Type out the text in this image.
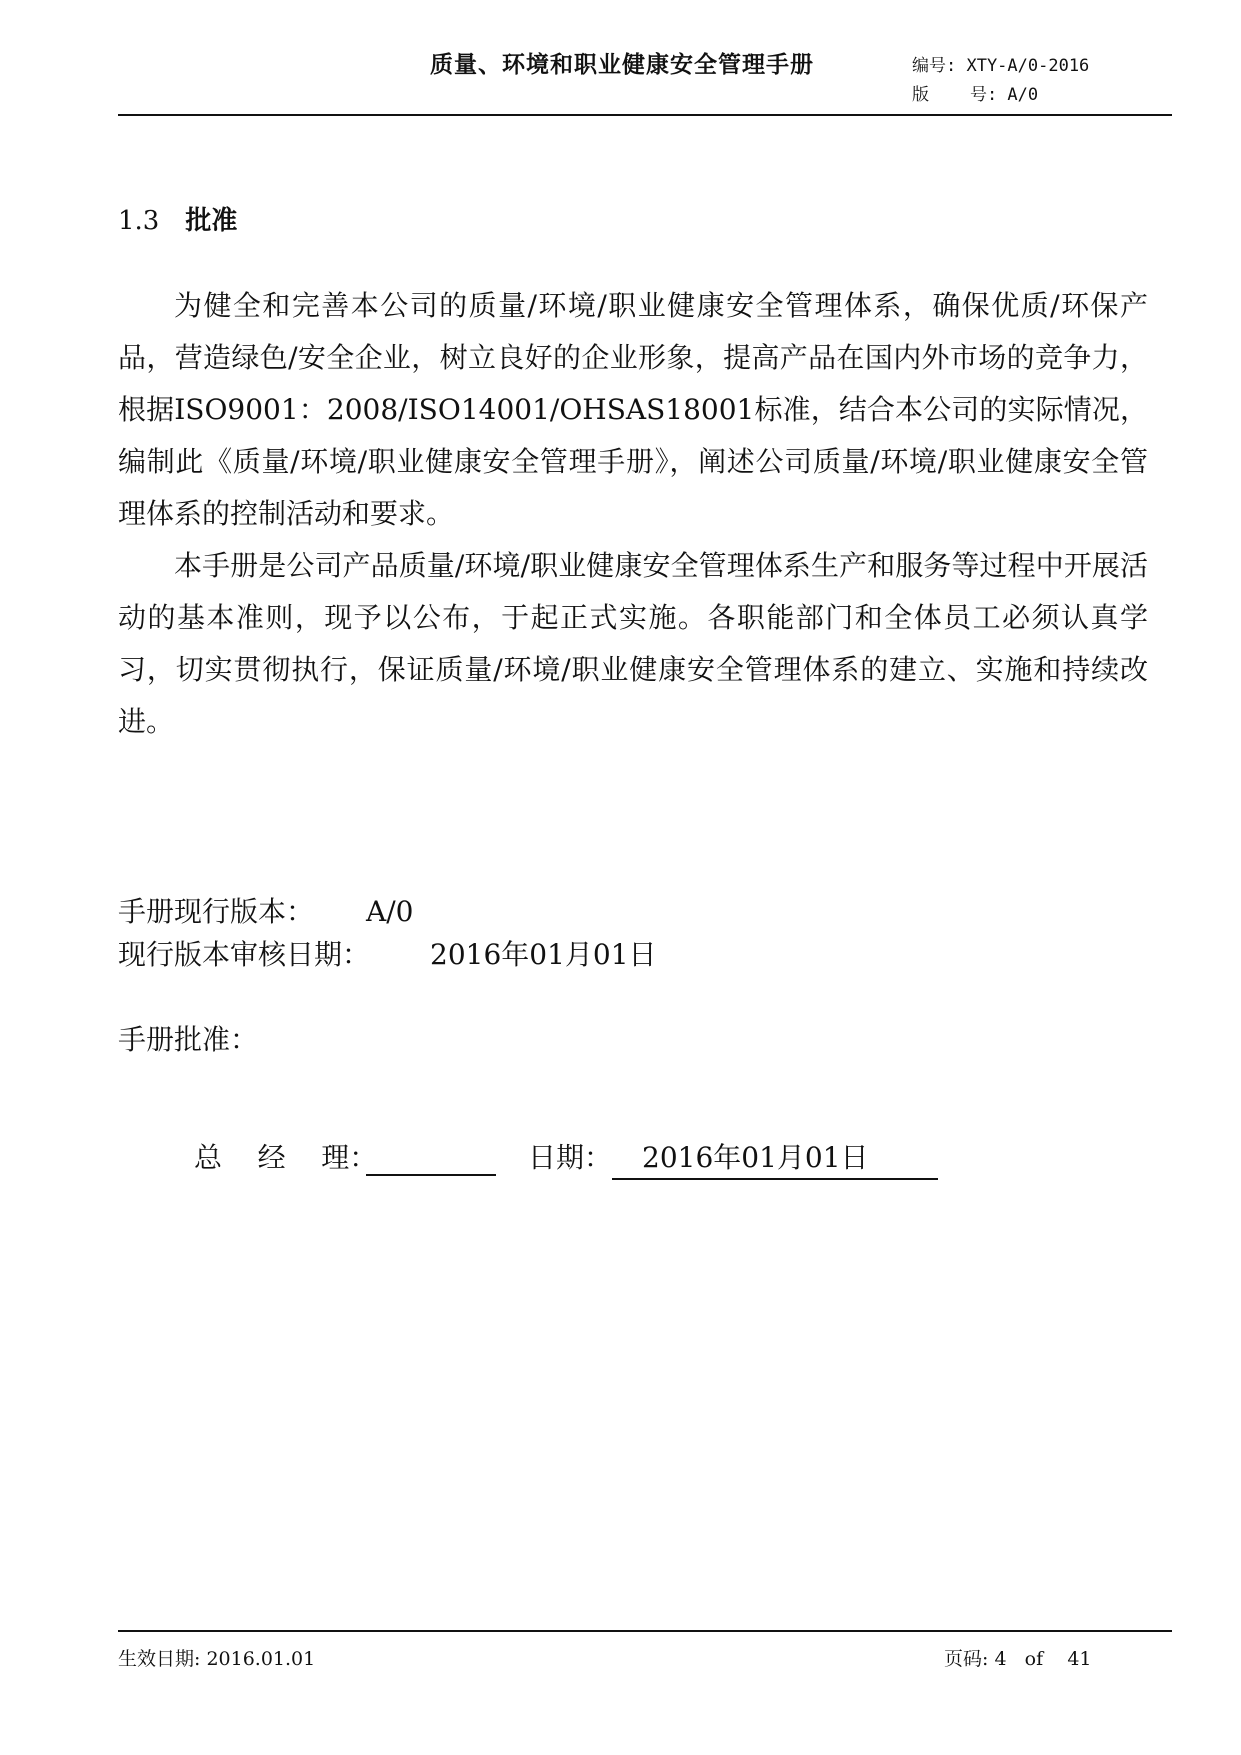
质量、环境和职业健康安全管理手册	编号: XTY-A/0-2016
版    号: A/0
1.3 批准

为健全和完善本公司的质量/环境/职业健康安全管理体系，确保优质/环保产品，营造绿色/安全企业，树立良好的企业形象，提高产品在国内外市场的竞争力，根据ISO9001：2008/ISO14001/OHSAS18001标准，结合本公司的实际情况，编制此《质量/环境/职业健康安全管理手册》，阐述公司质量/环境/职业健康安全管理体系的控制活动和要求。

本手册是公司产品质量/环境/职业健康安全管理体系生产和服务等过程中开展活动的基本准则，现予以公布，于起正式实施。各职能部门和全体员工必须认真学习，切实贯彻执行，保证质量/环境/职业健康安全管理体系的建立、实施和持续改进。

手册现行版本： A/0
现行版本审核日期： 2016年01月01日
手册批准：
总    经    理：	日期：	2016年01月01日
生效日期: 2016.01.01	页码: 4 of 41
